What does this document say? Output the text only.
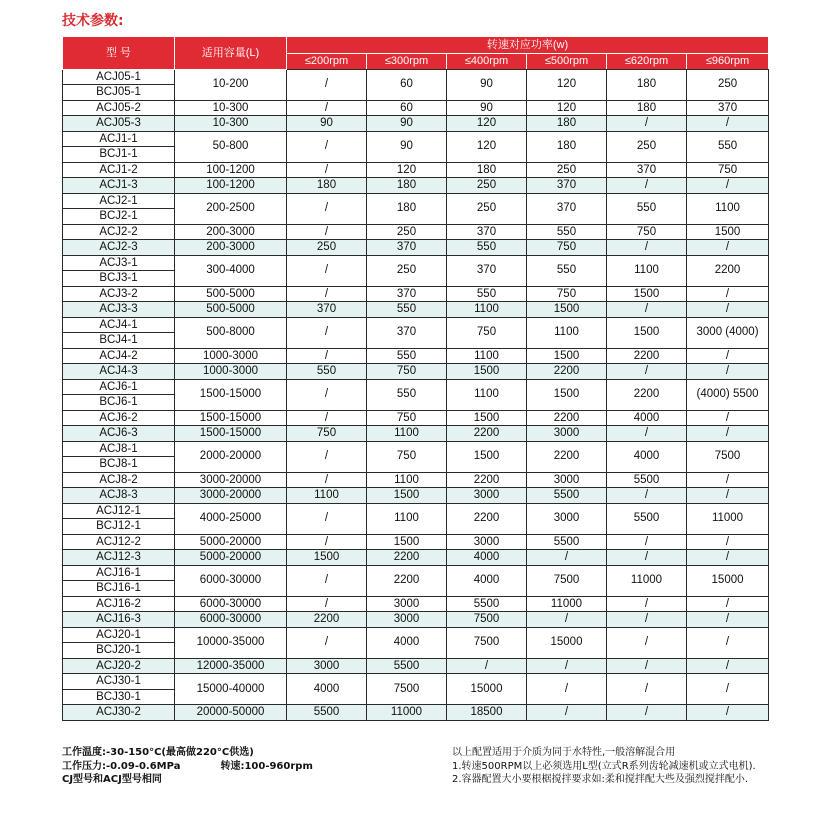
技术参数:
型 号	适用容量(L)	转速对应功率(w)					
		≤200rpm	≤300rpm	≤400rpm	≤500rpm	≤620rpm	≤960rpm
ACJ05-1	10-200	/	60	90	120	180	250
BCJ05-1							
ACJ05-2	10-300	/	60	90	120	180	370
ACJ05-3	10-300	90	90	120	180	/	/
ACJ1-1	50-800	/	90	120	180	250	550
BCJ1-1							
ACJ1-2	100-1200	/	120	180	250	370	750
ACJ1-3	100-1200	180	180	250	370	/	/
ACJ2-1	200-2500	/	180	250	370	550	1100
BCJ2-1							
ACJ2-2	200-3000	/	250	370	550	750	1500
ACJ2-3	200-3000	250	370	550	750	/	/
ACJ3-1	300-4000	/	250	370	550	1100	2200
BCJ3-1							
ACJ3-2	500-5000	/	370	550	750	1500	/
ACJ3-3	500-5000	370	550	1100	1500	/	/
ACJ4-1	500-8000	/	370	750	1100	1500	3000 (4000)
BCJ4-1							
ACJ4-2	1000-3000	/	550	1100	1500	2200	/
ACJ4-3	1000-3000	550	750	1500	2200	/	/
ACJ6-1	1500-15000	/	550	1100	1500	2200	(4000) 5500
BCJ6-1							
ACJ6-2	1500-15000	/	750	1500	2200	4000	/
ACJ6-3	1500-15000	750	1100	2200	3000	/	/
ACJ8-1	2000-20000	/	750	1500	2200	4000	7500
BCJ8-1							
ACJ8-2	3000-20000	/	1100	2200	3000	5500	/
ACJ8-3	3000-20000	1100	1500	3000	5500	/	/
ACJ12-1	4000-25000	/	1100	2200	3000	5500	11000
BCJ12-1							
ACJ12-2	5000-20000	/	1500	3000	5500	/	/
ACJ12-3	5000-20000	1500	2200	4000	/	/	/
ACJ16-1	6000-30000	/	2200	4000	7500	11000	15000
BCJ16-1							
ACJ16-2	6000-30000	/	3000	5500	11000	/	/
ACJ16-3	6000-30000	2200	3000	7500	/	/	/
ACJ20-1	10000-35000	/	4000	7500	15000	/	/
BCJ20-1							
ACJ20-2	12000-35000	3000	5500	/	/	/	/
ACJ30-1	15000-40000	4000	7500	15000	/	/	/
BCJ30-1							
ACJ30-2	20000-50000	5500	11000	18500	/	/	/
工作温度:-30-150°C(最高做220°C供选)
工作压力:-0.09-0.6MPa	转速:100-960rpm
CJ型号和ACJ型号相同
以上配置适用于介质为同于水特性,一般溶解混合用
1.转速500RPM以上必须选用L型(立式R系列齿轮减速机或立式电机).
2.容器配置大小要根椐搅拌要求如:柔和搅拌配大些及强烈搅拌配小.
